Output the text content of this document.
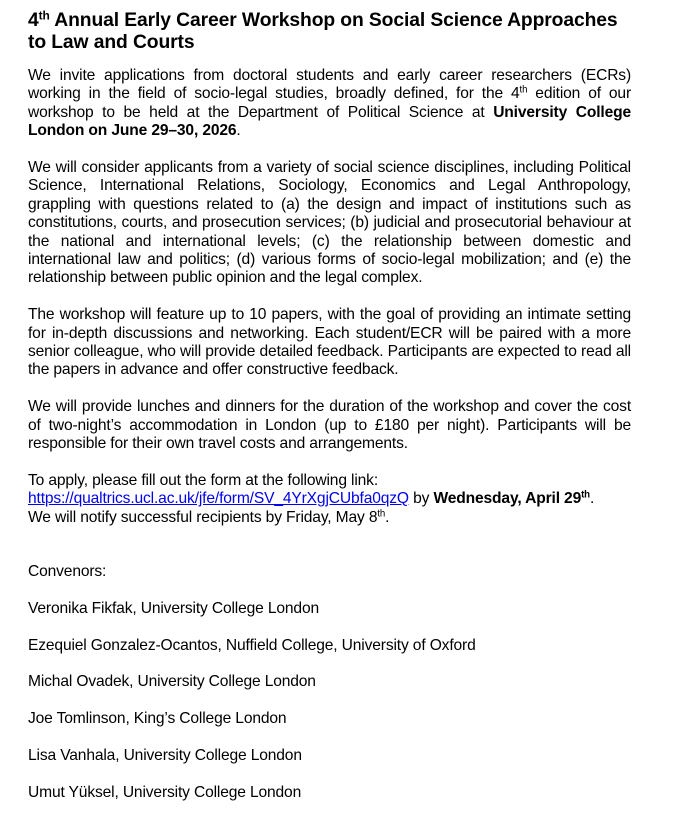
4th Annual Early Career Workshop on Social Science Approaches to Law and Courts

We invite applications from doctoral students and early career researchers (ECRs) working in the field of socio-legal studies, broadly defined, for the 4th edition of our workshop to be held at the Department of Political Science at University College London on June 29–30, 2026.

We will consider applicants from a variety of social science disciplines, including Political Science, International Relations, Sociology, Economics and Legal Anthropology, grappling with questions related to (a) the design and impact of institutions such as constitutions, courts, and prosecution services; (b) judicial and prosecutorial behaviour at the national and international levels; (c) the relationship between domestic and international law and politics; (d) various forms of socio-legal mobilization; and (e) the relationship between public opinion and the legal complex.

The workshop will feature up to 10 papers, with the goal of providing an intimate setting for in-depth discussions and networking. Each student/ECR will be paired with a more senior colleague, who will provide detailed feedback. Participants are expected to read all the papers in advance and offer constructive feedback.

We will provide lunches and dinners for the duration of the workshop and cover the cost of two-night’s accommodation in London (up to £180 per night). Participants will be responsible for their own travel costs and arrangements.

To apply, please fill out the form at the following link:
https://qualtrics.ucl.ac.uk/jfe/form/SV_4YrXgjCUbfa0qzQ by Wednesday, April 29th.
We will notify successful recipients by Friday, May 8th.

Convenors:
Veronika Fikfak, University College London
Ezequiel Gonzalez-Ocantos, Nuffield College, University of Oxford
Michal Ovadek, University College London
Joe Tomlinson, King’s College London
Lisa Vanhala, University College London
Umut Yüksel, University College London
